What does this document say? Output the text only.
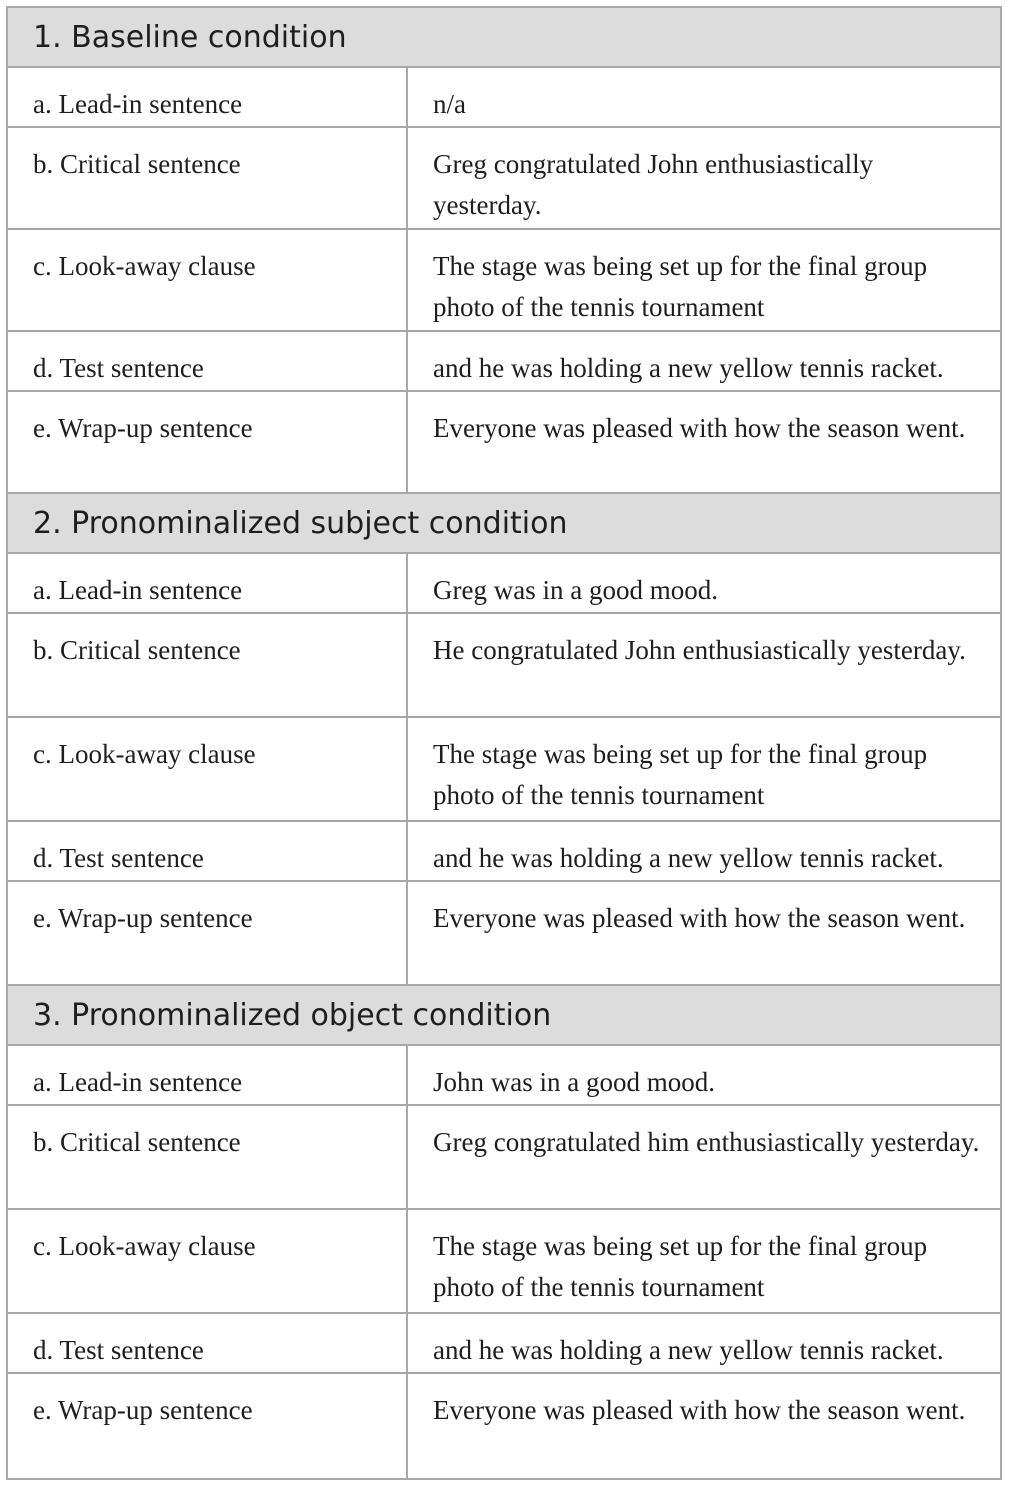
1. Baseline condition
a. Lead-in sentence	n/a
b. Critical sentence	Greg congratulated John enthusiastically yesterday.
c. Look-away clause	The stage was being set up for the final group photo of the tennis tournament
d. Test sentence	and he was holding a new yellow tennis racket.
e. Wrap-up sentence	Everyone was pleased with how the season went.
2. Pronominalized subject condition
a. Lead-in sentence	Greg was in a good mood.
b. Critical sentence	He congratulated John enthusiastically yesterday.
c. Look-away clause	The stage was being set up for the final group photo of the tennis tournament
d. Test sentence	and he was holding a new yellow tennis racket.
e. Wrap-up sentence	Everyone was pleased with how the season went.
3. Pronominalized object condition
a. Lead-in sentence	John was in a good mood.
b. Critical sentence	Greg congratulated him enthusiastically yesterday.
c. Look-away clause	The stage was being set up for the final group photo of the tennis tournament
d. Test sentence	and he was holding a new yellow tennis racket.
e. Wrap-up sentence	Everyone was pleased with how the season went.
